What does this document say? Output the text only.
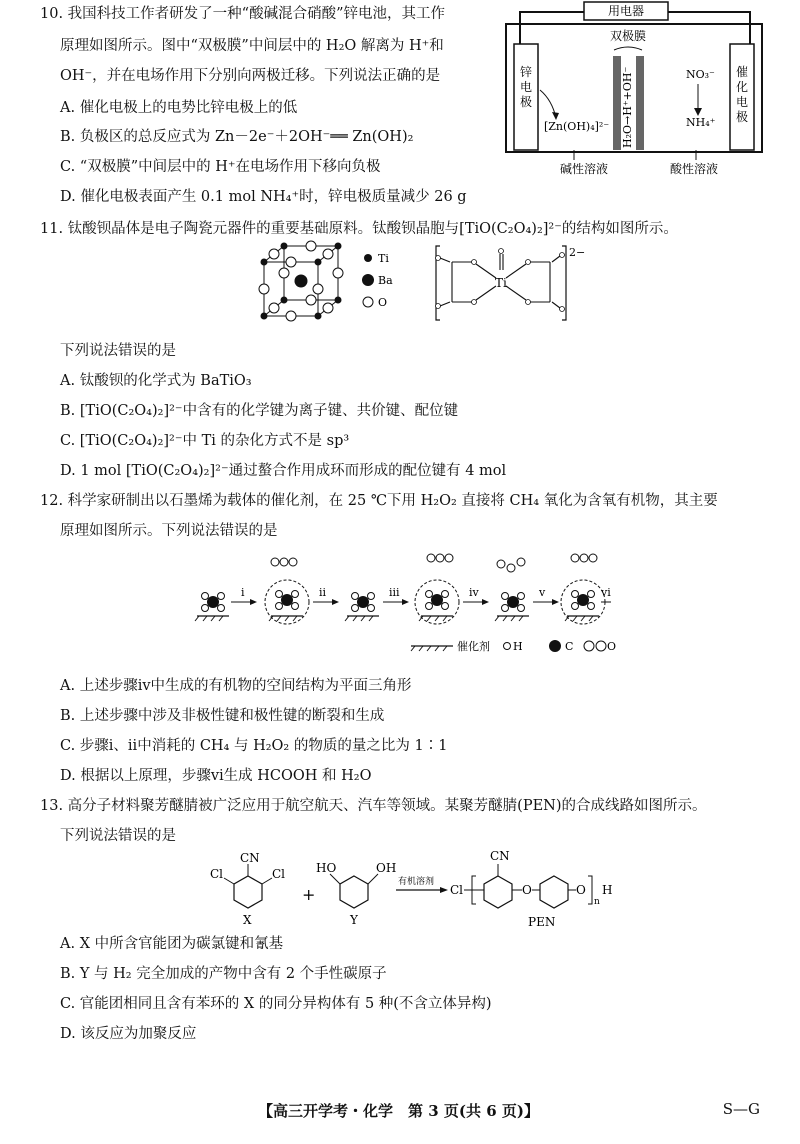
10. 我国科技工作者研发了一种“酸碱混合硝酸”锌电池，其工作
原理如图所示。图中“双极膜”中间层中的 H₂O 解离为 H⁺和
OH⁻，并在电场作用下分别向两极迁移。下列说法正确的是
A. 催化电极上的电势比锌电极上的低
B. 负极区的总反应式为 Zn－2e⁻＋2OH⁻══ Zn(OH)₂
C. “双极膜”中间层中的 H⁺在电场作用下移向负极
D. 催化电极表面产生 0.1 mol NH₄⁺时，锌电极质量减少 26 g
用电器
锌电极
催化电极
双极膜
H₂O→H⁺+OH⁻
[Zn(OH)₄]²⁻
NO₃⁻
NH₄⁺
碱性溶液	酸性溶液
11. 钛酸钡晶体是电子陶瓷元器件的重要基础原料。钛酸钡晶胞与[TiO(C₂O₄)₂]²⁻的结构如图所示。
Ti
Ba
O
2−
Ti
下列说法错误的是
A. 钛酸钡的化学式为 BaTiO₃
B. [TiO(C₂O₄)₂]²⁻中含有的化学键为离子键、共价键、配位键
C. [TiO(C₂O₄)₂]²⁻中 Ti 的杂化方式不是 sp³
D. 1 mol [TiO(C₂O₄)₂]²⁻通过螯合作用成环而形成的配位键有 4 mol
12. 科学家研制出以石墨烯为载体的催化剂，在 25 ℃下用 H₂O₂ 直接将 CH₄ 氧化为含氧有机物，其主要
原理如图所示。下列说法错误的是
i	ii	iii	iv	v	vi
催化剂 H	C	O
A. 上述步骤ⅳ中生成的有机物的空间结构为平面三角形
B. 上述步骤中涉及非极性键和极性键的断裂和生成
C. 步骤ⅰ、ⅱ中消耗的 CH₄ 与 H₂O₂ 的物质的量之比为 1∶1
D. 根据以上原理，步骤ⅵ生成 HCOOH 和 H₂O
13. 高分子材料聚芳醚腈被广泛应用于航空航天、汽车等领域。某聚芳醚腈(PEN)的合成线路如图所示。
下列说法错误的是
CN
Cl	Cl
X
+
HO	OH
Y
有机溶剂
Cl
CN
O	O
n
H
PEN
A. X 中所含官能团为碳氯键和氰基
B. Y 与 H₂ 完全加成的产物中含有 2 个手性碳原子
C. 官能团相同且含有苯环的 X 的同分异构体有 5 种(不含立体异构)
D. 该反应为加聚反应
【高三开学考・化学　第 3 页(共 6 页)】	S—G
